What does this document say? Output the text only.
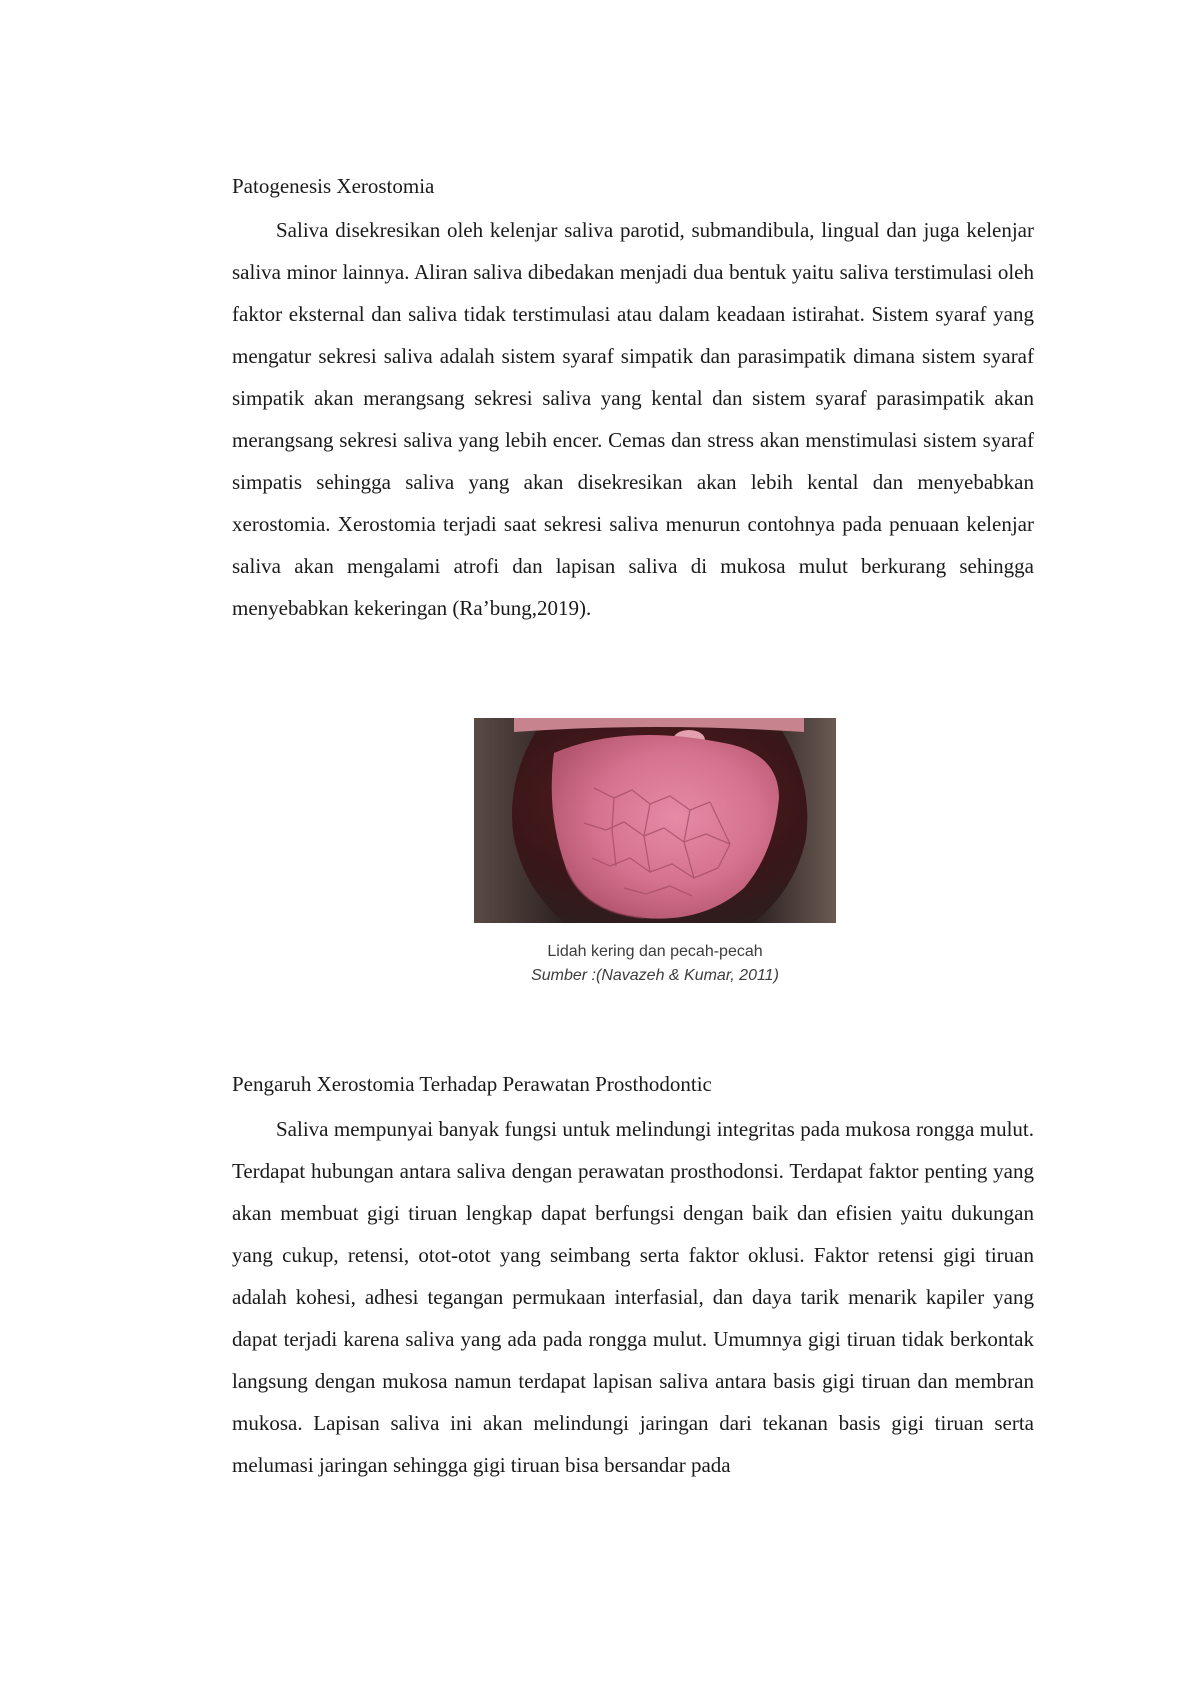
Patogenesis Xerostomia

Saliva disekresikan oleh kelenjar saliva parotid, submandibula, lingual dan juga kelenjar saliva minor lainnya. Aliran saliva dibedakan menjadi dua bentuk yaitu saliva terstimulasi oleh faktor eksternal dan saliva tidak terstimulasi atau dalam keadaan istirahat. Sistem syaraf yang mengatur sekresi saliva adalah sistem syaraf simpatik dan parasimpatik dimana sistem syaraf simpatik akan merangsang sekresi saliva yang kental dan sistem syaraf parasimpatik akan merangsang sekresi saliva yang lebih encer. Cemas dan stress akan menstimulasi sistem syaraf simpatis sehingga saliva yang akan disekresikan akan lebih kental dan menyebabkan xerostomia. Xerostomia terjadi saat sekresi saliva menurun contohnya pada penuaan kelenjar saliva akan mengalami atrofi dan lapisan saliva di mukosa mulut berkurang sehingga menyebabkan kekeringan (Ra’bung,2019).

Lidah kering dan pecah-pecah

Sumber :(Navazeh & Kumar, 2011)

Pengaruh Xerostomia Terhadap Perawatan Prosthodontic

Saliva mempunyai banyak fungsi untuk melindungi integritas pada mukosa rongga mulut. Terdapat hubungan antara saliva dengan perawatan prosthodonsi. Terdapat faktor penting yang akan membuat gigi tiruan lengkap dapat berfungsi dengan baik dan efisien yaitu dukungan yang cukup, retensi, otot-otot yang seimbang serta faktor oklusi. Faktor retensi gigi tiruan adalah kohesi, adhesi tegangan permukaan interfasial, dan daya tarik menarik kapiler yang dapat terjadi karena saliva yang ada pada rongga mulut. Umumnya gigi tiruan tidak berkontak langsung dengan mukosa namun terdapat lapisan saliva antara basis gigi tiruan dan membran mukosa. Lapisan saliva ini akan melindungi jaringan dari tekanan basis gigi tiruan serta melumasi jaringan sehingga gigi tiruan bisa bersandar pada
